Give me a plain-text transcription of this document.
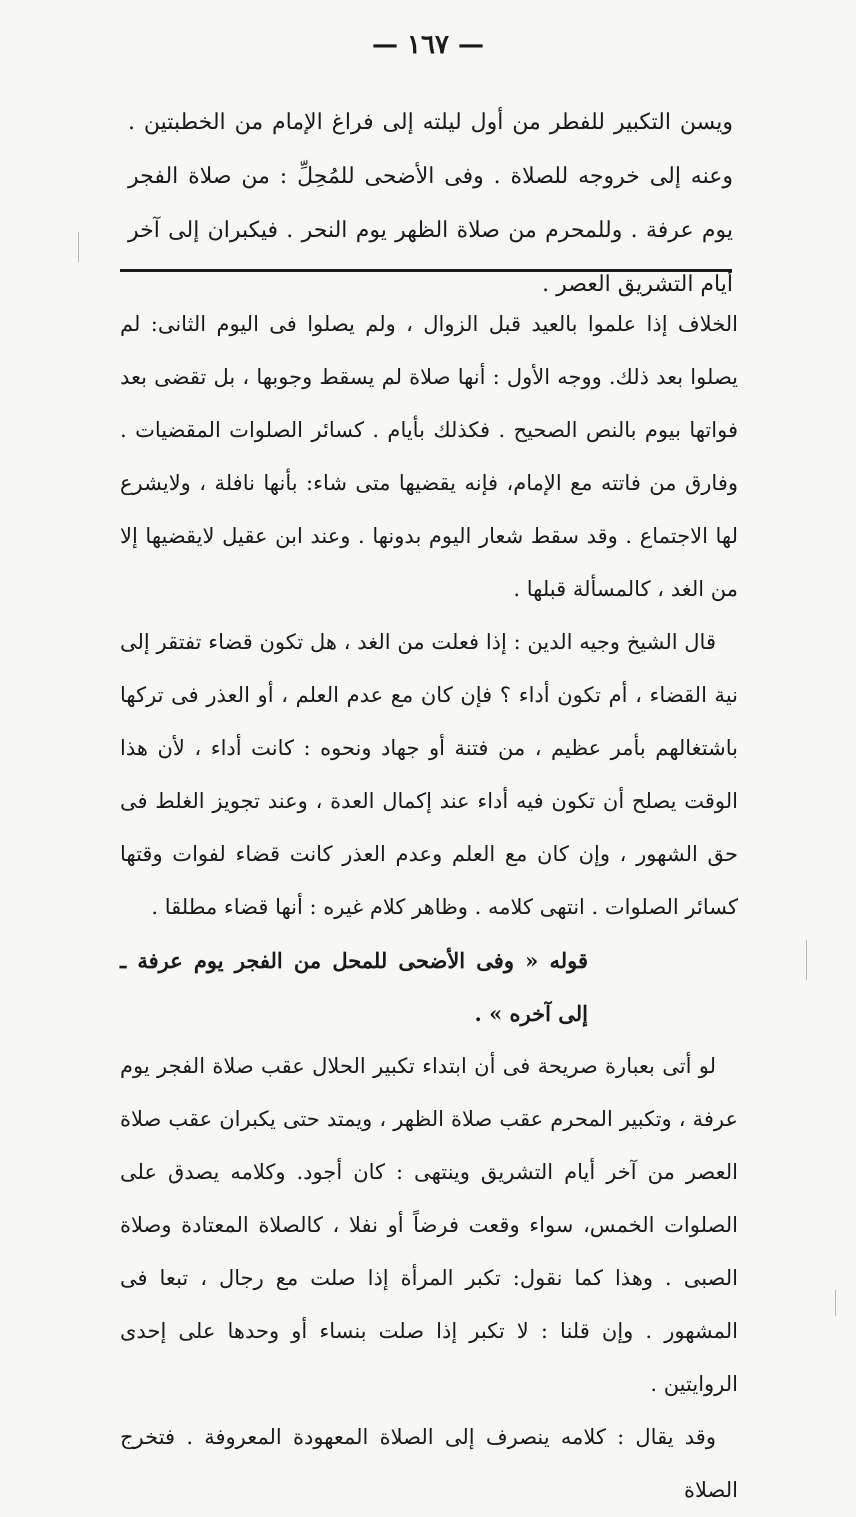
— ١٦٧ —
ويسن التكبير للفطر من أول ليلته إلى فراغ الإمام من الخطبتين . وعنه إلى خروجه للصلاة . وفى الأضحى للمُحِلِّ : من صلاة الفجر يوم عرفة . وللمحرم من صلاة الظهر يوم النحر . فيكبران إلى آخر أيام التشريق العصر .

الخلاف إذا علموا بالعيد قبل الزوال ، ولم يصلوا فى اليوم الثانى: لم يصلوا بعد ذلك. ووجه الأول : أنها صلاة لم يسقط وجوبها ، بل تقضى بعد فواتها بيوم بالنص الصحيح . فكذلك بأيام . كسائر الصلوات المقضيات . وفارق من فاتته مع الإمام، فإنه يقضيها متى شاء: بأنها نافلة ، ولايشرع لها الاجتماع . وقد سقط شعار اليوم بدونها . وعند ابن عقيل لايقضيها إلا من الغد ، كالمسألة قبلها .

قال الشيخ وجيه الدين : إذا فعلت من الغد ، هل تكون قضاء تفتقر إلى نية القضاء ، أم تكون أداء ؟ فإن كان مع عدم العلم ، أو العذر فى تركها باشتغالهم بأمر عظيم ، من فتنة أو جهاد ونحوه : كانت أداء ، لأن هذا الوقت يصلح أن تكون فيه أداء عند إكمال العدة ، وعند تجويز الغلط فى حق الشهور ، وإن كان مع العلم وعدم العذر كانت قضاء لفوات وقتها كسائر الصلوات . انتهى كلامه . وظاهر كلام غيره : أنها قضاء مطلقا .

قوله « وفى الأضحى للمحل من الفجر يوم عرفة ـ إلى آخره » .

لو أتى بعبارة صريحة فى أن ابتداء تكبير الحلال عقب صلاة الفجر يوم عرفة ، وتكبير المحرم عقب صلاة الظهر ، ويمتد حتى يكبران عقب صلاة العصر من آخر أيام التشريق وينتهى : كان أجود. وكلامه يصدق على الصلوات الخمس، سواء وقعت فرضاً أو نفلا ، كالصلاة المعتادة وصلاة الصبى . وهذا كما نقول: تكبر المرأة إذا صلت مع رجال ، تبعا فى المشهور . وإن قلنا : لا تكبر إذا صلت بنساء أو وحدها على إحدى الروايتين .

وقد يقال : كلامه ينصرف إلى الصلاة المعهودة المعروفة . فتخرج الصلاة
